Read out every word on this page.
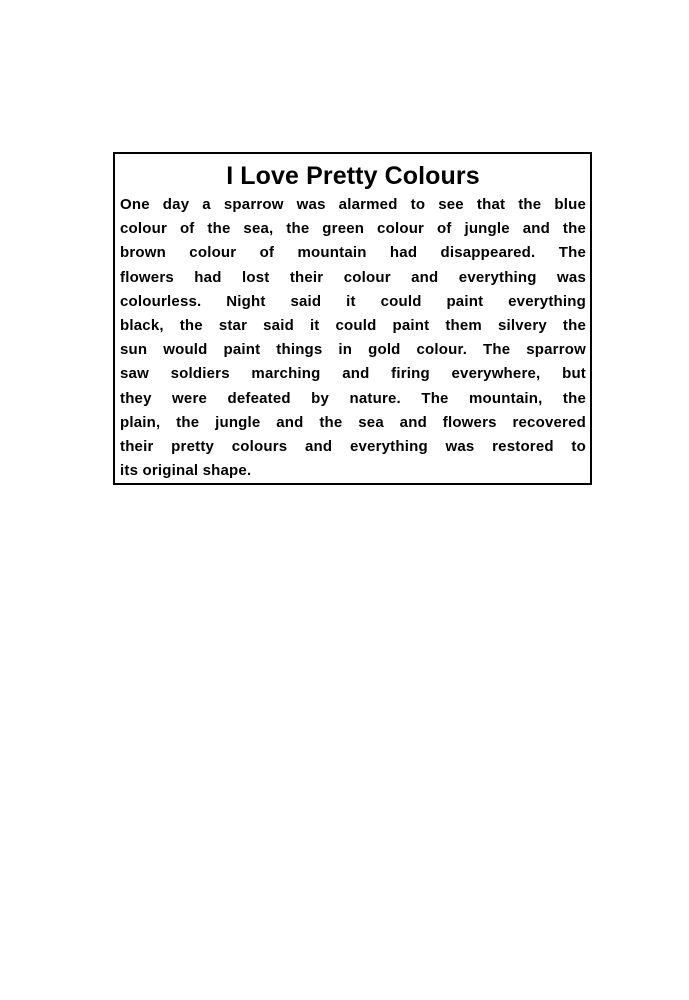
I Love Pretty Colours
One day a sparrow was alarmed to see that the blue
colour of the sea, the green colour of jungle and the
brown colour of mountain had disappeared. The
flowers had lost their colour and everything was
colourless. Night said it could paint everything
black, the star said it could paint them silvery the
sun would paint things in gold colour. The sparrow
saw soldiers marching and firing everywhere, but
they were defeated by nature. The mountain, the
plain, the jungle and the sea and flowers recovered
their pretty colours and everything was restored to
its original shape.
